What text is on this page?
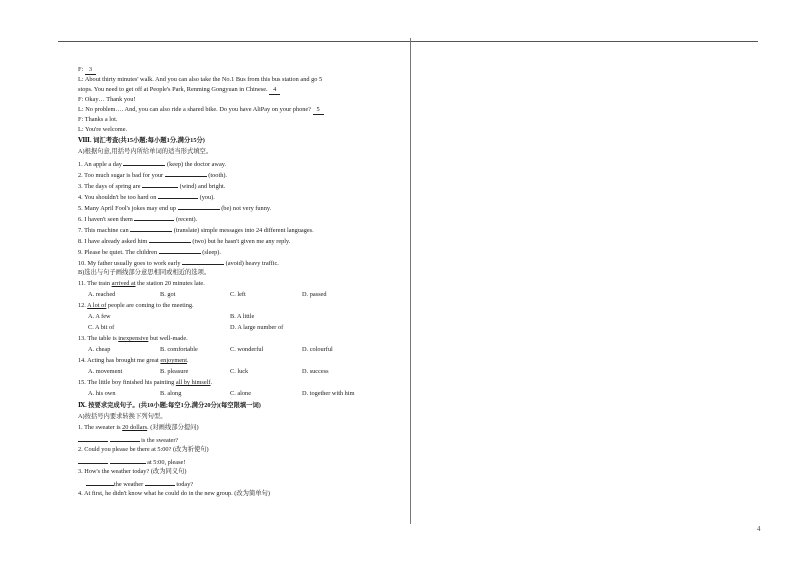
4
F: 3
L: About thirty minutes' walk. And you can also take the No.1 Bus from this bus station and go 5
stops. You need to get off at People's Park, Renming Gongyuan in Chinese. 4
F: Okay… Thank you!
L: No problem…. And, you can also ride a shared bike. Do you have AliPay on your phone? 5
F: Thanks a lot.
L: You're welcome.
Ⅷ. 词汇考查(共15小题;每小题1分,满分15分)
A)根据句意,用括号内所给单词的适当形式填空。
1. An apple a day	(keep) the doctor away.
2. Too much sugar is bad for your	(tooth).
3. The days of spring are	(wind) and bright.
4. You shouldn't be too hard on	(you).
5. Many April Fool's jokes may end up	(be) not very funny.
6. I haven't seen them	(recent).
7. This machine can	(translate) simple messages into 24 different languages.
8. I have already asked him	(two) but he hasn't given me any reply.
9. Please be quiet. The children	(sleep).
10. My father usually goes to work early	(avoid) heavy traffic.
B)选出与句子画线部分意思相同或相近的选项。
11. The train arrived at the station 20 minutes late.
A. reached	B. got	C. left	D. passed
12. A lot of people are coming to the meeting.
A. A few	B. A little
C. A bit of	D. A large number of
13. The table is inexpensive but well-made.
A. cheap	B. comfortable	C. wonderful	D. colourful
14. Acting has brought me great enjoyment.
A. movement	B. pleasure	C. luck	D. success
15. The little boy finished his painting all by himself.
A. his own	B. along	C. alone	D. together with him
Ⅸ. 按要求完成句子。(共10小题;每空1分,满分20分)(每空限填一词)
A)按括号内要求转换下列句型。
1. The sweater is 20 dollars. (对画线部分提问)
is the sweater?
2. Could you please be there at 5:00? (改为祈使句)
at 5:00, please!
3. How's the weather today? (改为同义句)
the weather	today?
4. At first, he didn't know what he could do in the new group. (改为简单句)
